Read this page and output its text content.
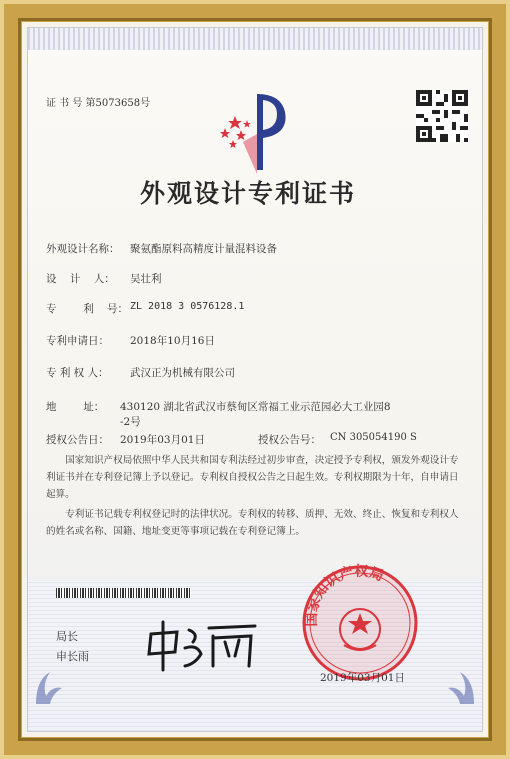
证 书 号 第5073658号
外观设计专利证书
外观设计名称： 聚氨酯原料高精度计量混料设备
设    计    人： 吴壮利
专        利    号： ZL 2018 3 0576128.1
专利申请日： 2018年10月16日
专 利 权 人： 武汉正为机械有限公司
地        址： 430120 湖北省武汉市蔡甸区常福工业示范园必大工业园8
-2号
授权公告日： 2019年03月01日	授权公告号： CN 305054190 S
国家知识产权局依照中华人民共和国专利法经过初步审查，决定授予专利权，颁发外观设计专利证书并在专利登记簿上予以登记。专利权自授权公告之日起生效。专利权期限为十年，自申请日起算。
专利证书记载专利权登记时的法律状况。专利权的转移、质押、无效、终止、恢复和专利权人的姓名或名称、国籍、地址变更等事项记载在专利登记簿上。
局长
申长雨
国家知识产权局
2019年03月01日
